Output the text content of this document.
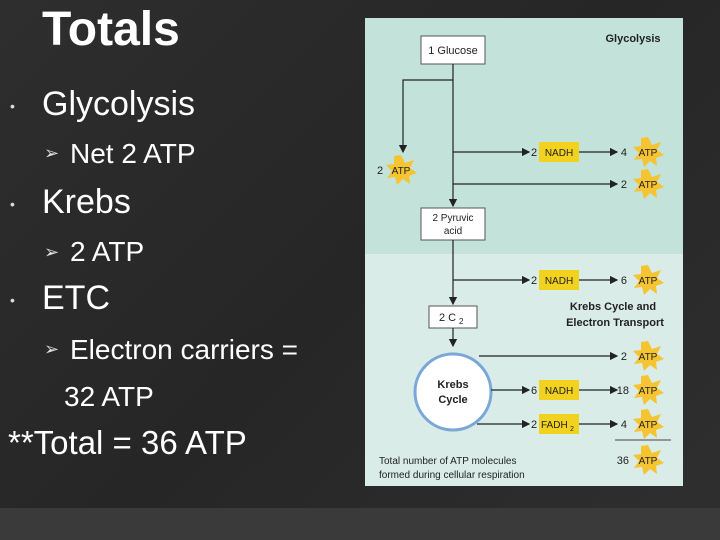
Totals
• Glycolysis
➢ Net 2 ATP
• Krebs
➢ 2 ATP
• ETC
➢ Electron carriers =
32 ATP
**Total = 36 ATP
Glycolysis
Krebs Cycle and
Electron Transport
1 Glucose
2 Pyruvic
acid
2 C 2
Krebs
Cycle
2 ATP
2 NADH	4 ATP
2 ATP
2 NADH	6 ATP
2 ATP
6 NADH	18 ATP
2 FADH 2	4 ATP
36 ATP
Total number of ATP molecules
formed during cellular respiration
